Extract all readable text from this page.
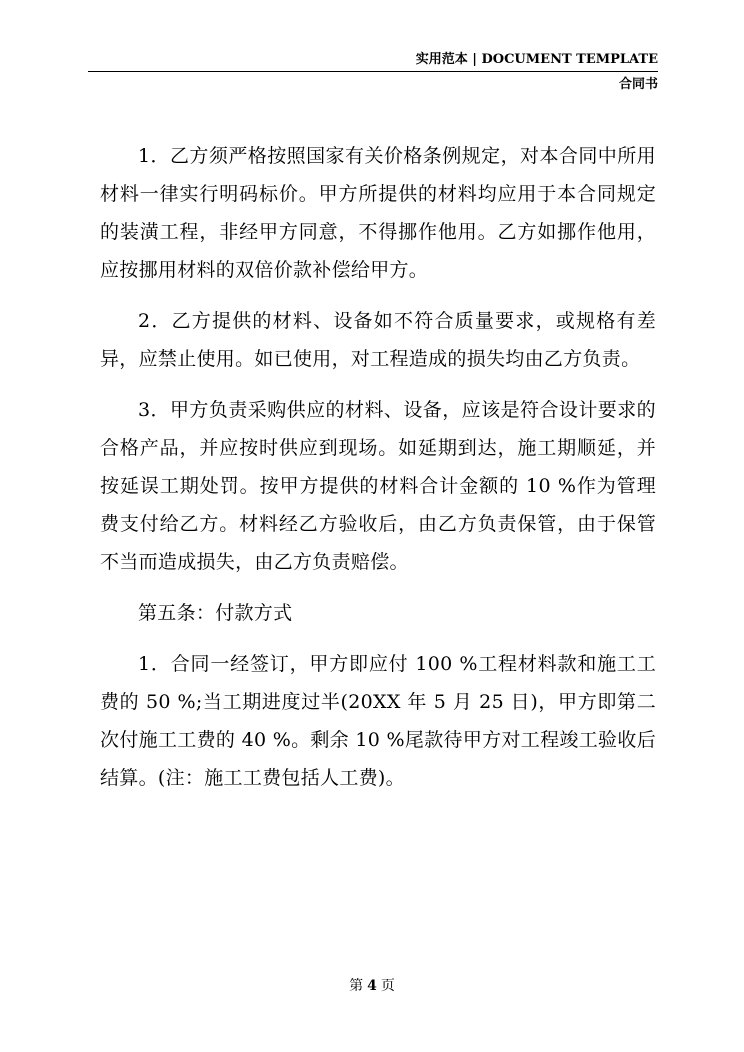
实用范本 | DOCUMENT TEMPLATE
合同书

1．乙方须严格按照国家有关价格条例规定，对本合同中所用材料一律实行明码标价。甲方所提供的材料均应用于本合同规定的装潢工程，非经甲方同意，不得挪作他用。乙方如挪作他用，应按挪用材料的双倍价款补偿给甲方。

2．乙方提供的材料、设备如不符合质量要求，或规格有差异，应禁止使用。如已使用，对工程造成的损失均由乙方负责。

3．甲方负责采购供应的材料、设备，应该是符合设计要求的合格产品，并应按时供应到现场。如延期到达，施工期顺延，并按延误工期处罚。按甲方提供的材料合计金额的 10 %作为管理费支付给乙方。材料经乙方验收后，由乙方负责保管，由于保管不当而造成损失，由乙方负责赔偿。

第五条：付款方式

1．合同一经签订，甲方即应付 100 %工程材料款和施工工费的 50 %;当工期进度过半(20XX 年 5 月 25 日)，甲方即第二次付施工工费的 40 %。剩余 10 %尾款待甲方对工程竣工验收后结算。(注：施工工费包括人工费)。

第 4 页
